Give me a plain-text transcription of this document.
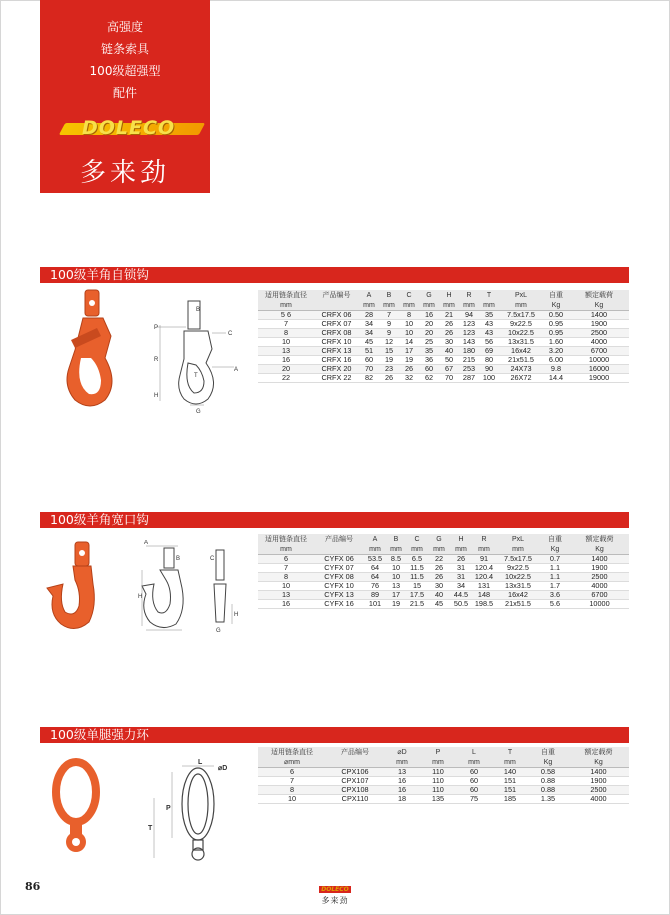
高强度
链条索具
100级超强型
配件
DOLECO
多来劲
100级羊角自锁钩
P
R
H
B
C
A
T
G
适用链条直径	产品编号	A	B	C	G	H	R	T	PxL	自重	额定载荷
mm		mm	mm	mm	mm	mm	mm	mm	mm	Kg	Kg
5 6	CRFX 06	28	7	8	16	21	94	35	7.5x17.5	0.50	1400
7	CRFX 07	34	9	10	20	26	123	43	9x22.5	0.95	1900
8	CRFX 08	34	9	10	20	26	123	43	10x22.5	0.95	2500
10	CRFX 10	45	12	14	25	30	143	56	13x31.5	1.60	4000
13	CRFX 13	51	15	17	35	40	180	69	16x42	3.20	6700
16	CRFX 16	60	19	19	36	50	215	80	21x51.5	6.00	10000
20	CRFX 20	70	23	26	60	67	253	90	24X73	9.8	16000
22	CRFX 22	82	26	32	62	70	287	100	26X72	14.4	19000
100级羊角宽口钩
A
B
H
C
G
H
适用链条直径	产品编号	A	B	C	G	H	R	PxL	自重	额定载荷
mm		mm	mm	mm	mm	mm	mm	mm	Kg	Kg
6	CYFX 06	53.5	8.5	6.5	22	26	91	7.5x17.5	0.7	1400
7	CYFX 07	64	10	11.5	26	31	120.4	9x22.5	1.1	1900
8	CYFX 08	64	10	11.5	26	31	120.4	10x22.5	1.1	2500
10	CYFX 10	76	13	15	30	34	131	13x31.5	1.7	4000
13	CYFX 13	89	17	17.5	40	44.5	148	16x42	3.6	6700
16	CYFX 16	101	19	21.5	45	50.5	198.5	21x51.5	5.6	10000
100级单腿强力环
L
⌀D
P
T
适用链条直径	产品编号	⌀D	P	L	T	自重	额定载荷
⌀mm		mm	mm	mm	mm	Kg	Kg
6	CPX106	13	110	60	140	0.58	1400
7	CPX107	16	110	60	151	0.88	1900
8	CPX108	16	110	60	151	0.88	2500
10	CPX110	18	135	75	185	1.35	4000
86	DOLECO
多来劲
